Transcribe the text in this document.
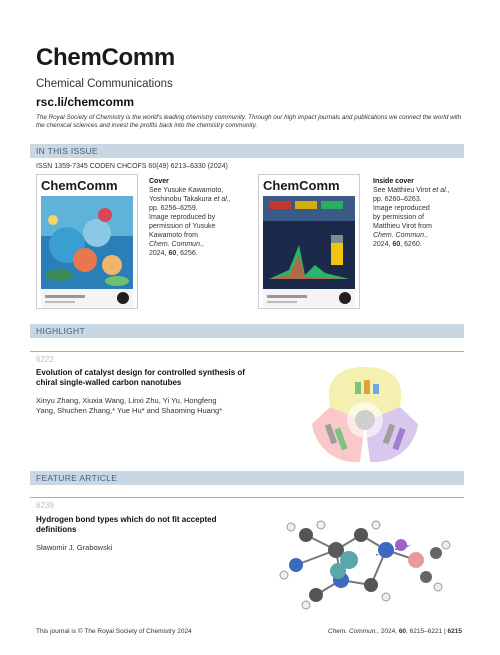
ChemComm
Chemical Communications
rsc.li/chemcomm
The Royal Society of Chemistry is the world's leading chemistry community. Through our high impact journals and publications we connect the world with the chemical sciences and invest the profits back into the chemistry community.
IN THIS ISSUE
ISSN 1359-7345 CODEN CHCOFS 60(49) 6213–6330 (2024)
ChemComm	Cover
See Yusuke Kawamoto,
Yoshinobu Takakura et al.,
pp. 6256–6259.
Image reproduced by
permission of Yusuke
Kawamoto from
Chem. Commun.,
2024, 60, 6256.
ChemComm	Inside cover
See Matthieu Virot et al.,
pp. 6260–6263.
Image reproduced
by permission of
Matthieu Virot from
Chem. Commun.,
2024, 60, 6260.
HIGHLIGHT
6222
Evolution of catalyst design for controlled synthesis of chiral single-walled carbon nanotubes
Xinyu Zhang, Xiuxia Wang, Linxi Zhu, Yi Yu, Hongfeng Yang, Shuchen Zhang,* Yue Hu* and Shaoming Huang*
FEATURE ARTICLE
6239
Hydrogen bond types which do not fit accepted definitions
Sławomir J. Grabowski
This journal is © The Royal Society of Chemistry 2024	Chem. Commun., 2024, 60, 6215–6221 | 6215
